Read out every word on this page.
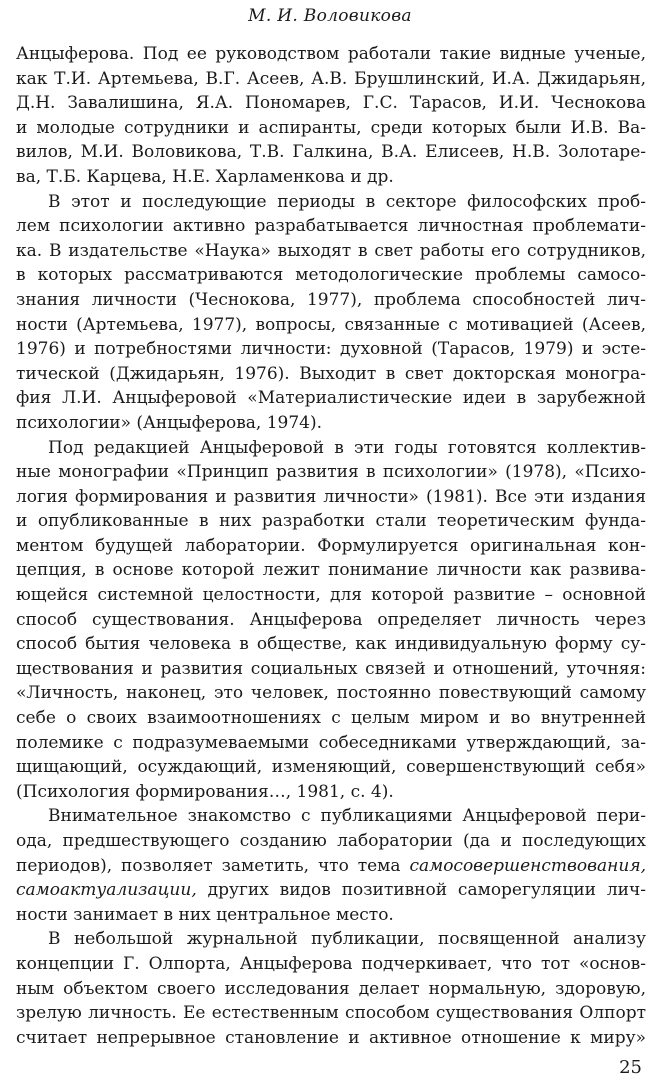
М. И. Воловикова
Анцыферова. Под ее руководством работали такие видные ученые,
как Т.И. Артемьева, В.Г. Асеев, А.В. Брушлинский, И.А. Джидарьян,
Д.Н. Завалишина, Я.А. Пономарев, Г.С. Тарасов, И.И. Чеснокова
и молодые сотрудники и аспиранты, среди которых были И.В. Ва-
вилов, М.И. Воловикова, Т.В. Галкина, В.А. Елисеев, Н.В. Золотаре-
ва, Т.Б. Карцева, Н.Е. Харламенкова и др.
В этот и последующие периоды в секторе философских проб-
лем психологии активно разрабатывается личностная проблемати-
ка. В издательстве «Наука» выходят в свет работы его сотрудников,
в которых рассматриваются методологические проблемы самосо-
знания личности (Чеснокова, 1977), проблема способностей лич-
ности (Артемьева, 1977), вопросы, связанные с мотивацией (Асеев,
1976) и потребностями личности: духовной (Тарасов, 1979) и эсте-
тической (Джидарьян, 1976). Выходит в свет докторская моногра-
фия Л.И. Анцыферовой «Материалистические идеи в зарубежной
психологии» (Анцыферова, 1974).
Под редакцией Анцыферовой в эти годы готовятся коллектив-
ные монографии «Принцип развития в психологии» (1978), «Психо-
логия формирования и развития личности» (1981). Все эти издания
и опубликованные в них разработки стали теоретическим фунда-
ментом будущей лаборатории. Формулируется оригинальная кон-
цепция, в основе которой лежит понимание личности как развива-
ющейся системной целостности, для которой развитие – основной
способ существования. Анцыферова определяет личность через
способ бытия человека в обществе, как индивидуальную форму су-
ществования и развития социальных связей и отношений, уточняя:
«Личность, наконец, это человек, постоянно повествующий самому
себе о своих взаимоотношениях с целым миром и во внутренней
полемике с подразумеваемыми собеседниками утверждающий, за-
щищающий, осуждающий, изменяющий, совершенствующий себя»
(Психология формирования…, 1981, с. 4).
Внимательное знакомство с публикациями Анцыферовой пери-
ода, предшествующего созданию лаборатории (да и последующих
периодов), позволяет заметить, что тема самосовершенствования,
самоактуализации, других видов позитивной саморегуляции лич-
ности занимает в них центральное место.
В небольшой журнальной публикации, посвященной анализу
концепции Г. Олпорта, Анцыферова подчеркивает, что тот «основ-
ным объектом своего исследования делает нормальную, здоровую,
зрелую личность. Ее естественным способом существования Олпорт
считает непрерывное становление и активное отношение к миру»
25
